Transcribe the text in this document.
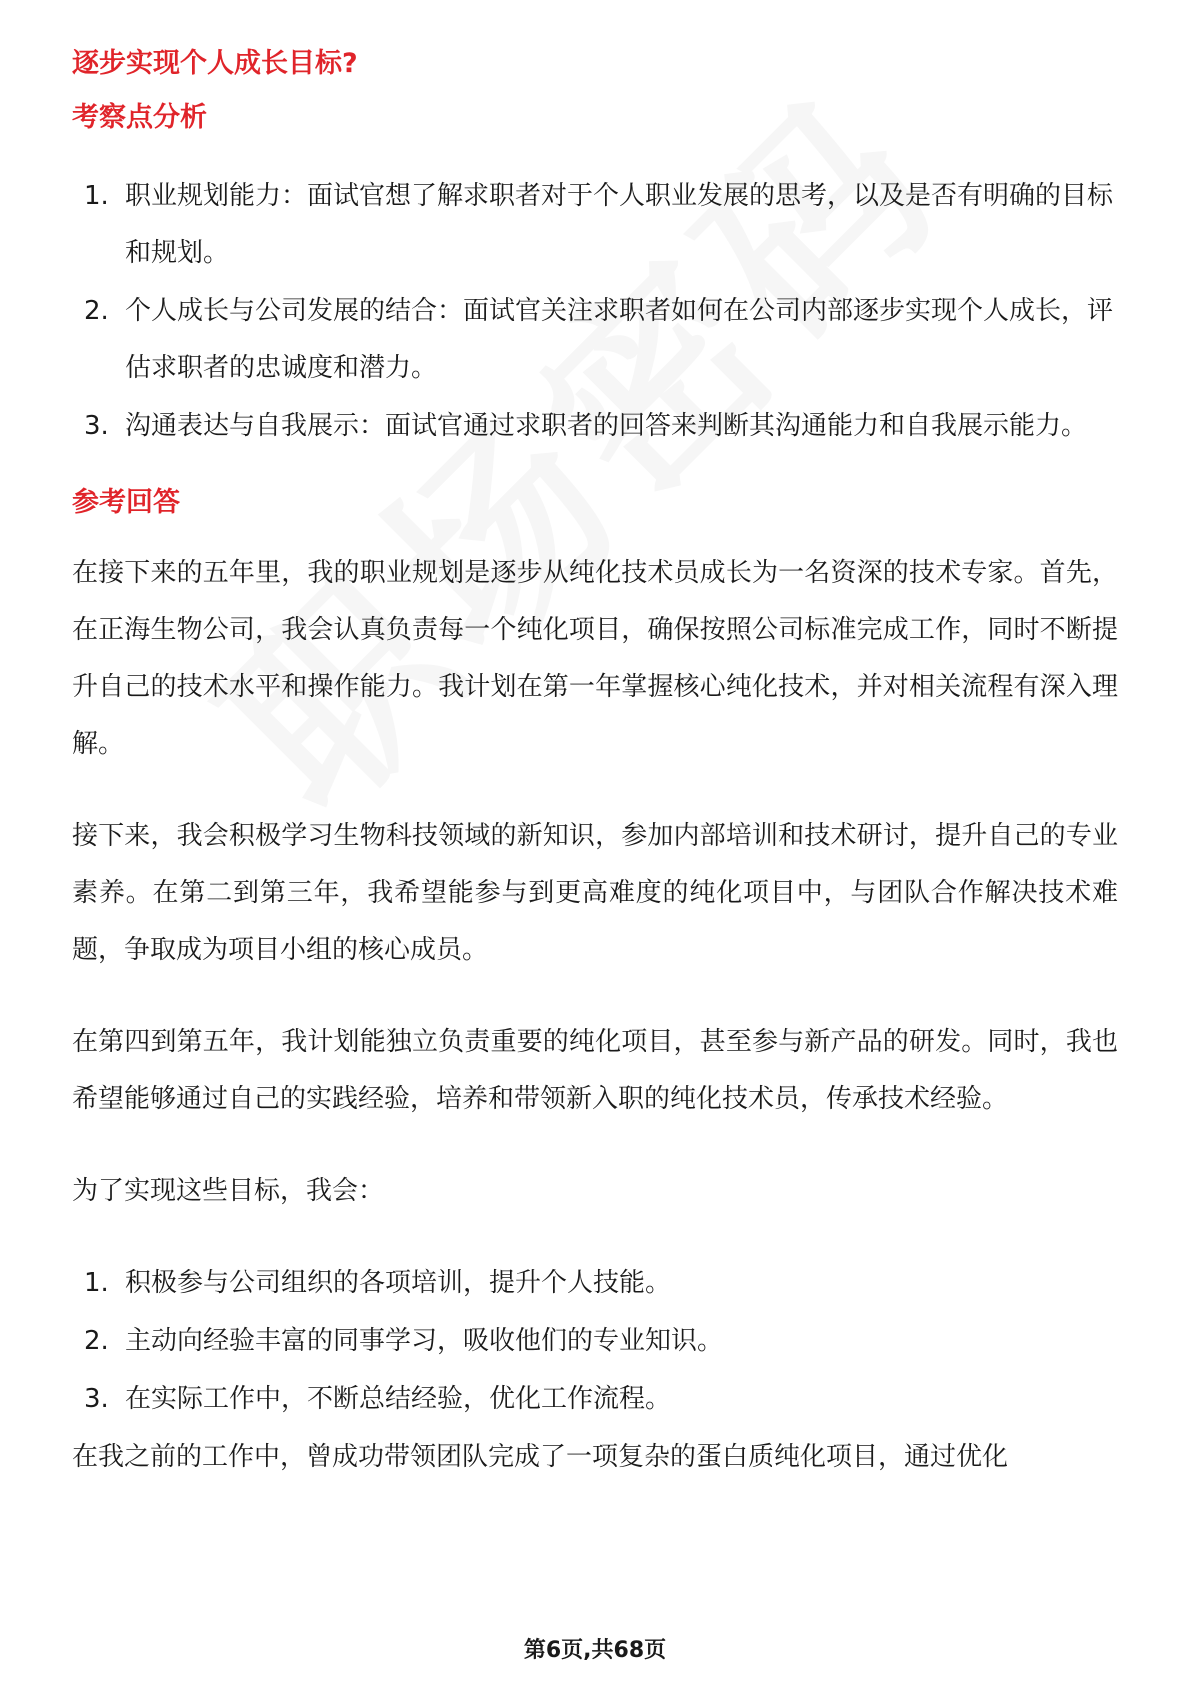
逐步实现个人成长目标?
考察点分析
1. 职业规划能力：面试官想了解求职者对于个人职业发展的思考，以及是否有明确的目标和规划。
2. 个人成长与公司发展的结合：面试官关注求职者如何在公司内部逐步实现个人成长，评估求职者的忠诚度和潜力。
3. 沟通表达与自我展示：面试官通过求职者的回答来判断其沟通能力和自我展示能力。
参考回答

在接下来的五年里，我的职业规划是逐步从纯化技术员成长为一名资深的技术专家。首先，在正海生物公司，我会认真负责每一个纯化项目，确保按照公司标准完成工作，同时不断提升自己的技术水平和操作能力。我计划在第一年掌握核心纯化技术，并对相关流程有深入理解。

接下来，我会积极学习生物科技领域的新知识，参加内部培训和技术研讨，提升自己的专业素养。在第二到第三年，我希望能参与到更高难度的纯化项目中，与团队合作解决技术难题，争取成为项目小组的核心成员。

在第四到第五年，我计划能独立负责重要的纯化项目，甚至参与新产品的研发。同时，我也希望能够通过自己的实践经验，培养和带领新入职的纯化技术员，传承技术经验。

为了实现这些目标，我会：

1. 积极参与公司组织的各项培训，提升个人技能。
2. 主动向经验丰富的同事学习，吸收他们的专业知识。
3. 在实际工作中，不断总结经验，优化工作流程。

在我之前的工作中，曾成功带领团队完成了一项复杂的蛋白质纯化项目，通过优化

第6页,共68页
